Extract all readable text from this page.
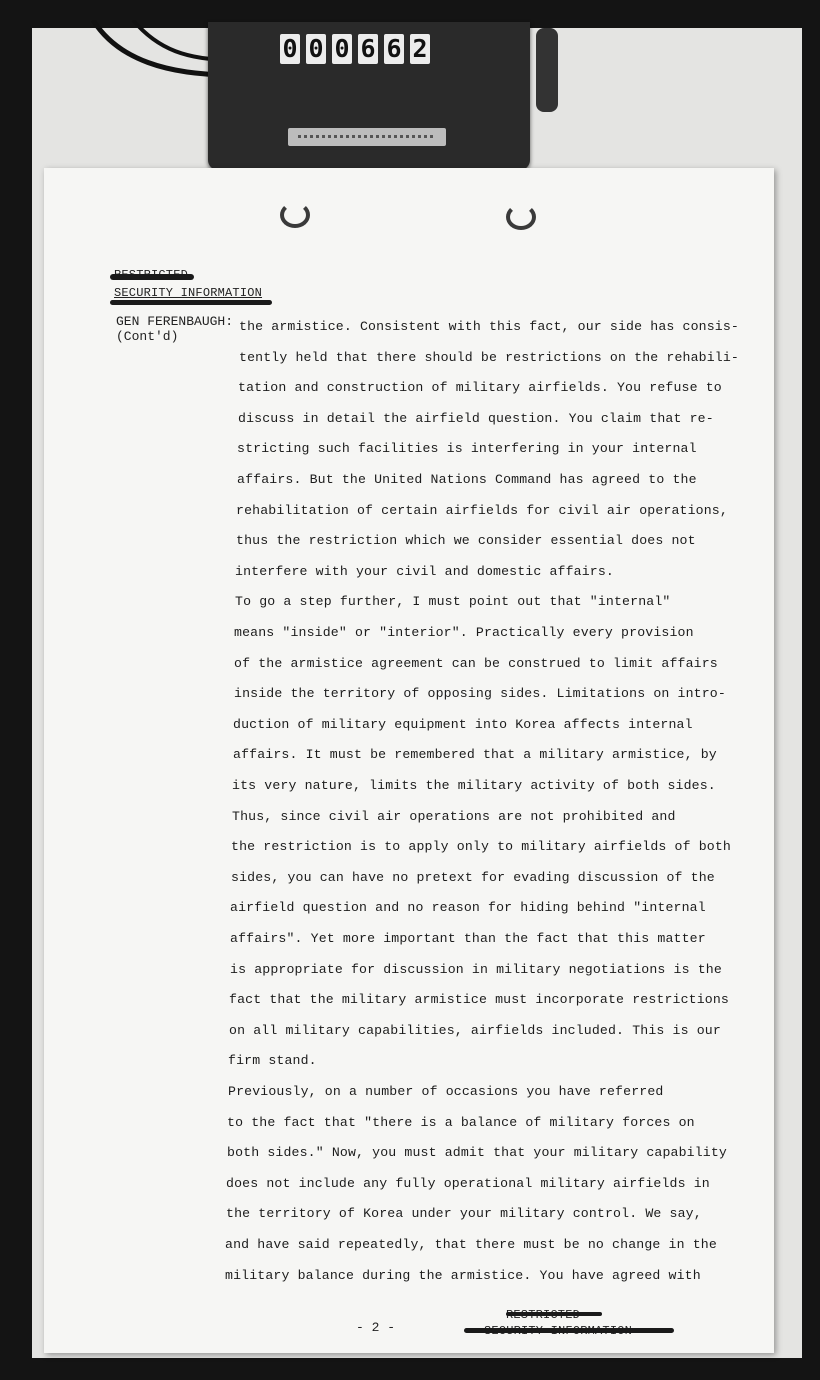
0 0 0 6 6 2
SECURITY INFORMATION
GEN FERENBAUGH:
(Cont'd)
the armistice. Consistent with this fact, our side has consis-
tently held that there should be restrictions on the rehabili-
tation and construction of military airfields. You refuse to
discuss in detail the airfield question. You claim that re-
stricting such facilities is interfering in your internal
affairs. But the United Nations Command has agreed to the
rehabilitation of certain airfields for civil air operations,
thus the restriction which we consider essential does not
interfere with your civil and domestic affairs.
To go a step further, I must point out that "internal"
means "inside" or "interior". Practically every provision
of the armistice agreement can be construed to limit affairs
inside the territory of opposing sides. Limitations on intro-
duction of military equipment into Korea affects internal
affairs. It must be remembered that a military armistice, by
its very nature, limits the military activity of both sides.
Thus, since civil air operations are not prohibited and
the restriction is to apply only to military airfields of both
sides, you can have no pretext for evading discussion of the
airfield question and no reason for hiding behind "internal
affairs". Yet more important than the fact that this matter
is appropriate for discussion in military negotiations is the
fact that the military armistice must incorporate restrictions
on all military capabilities, airfields included. This is our
firm stand.
Previously, on a number of occasions you have referred
to the fact that "there is a balance of military forces on
both sides." Now, you must admit that your military capability
does not include any fully operational military airfields in
the territory of Korea under your military control. We say,
and have said repeatedly, that there must be no change in the
military balance during the armistice. You have agreed with
- 2 -
